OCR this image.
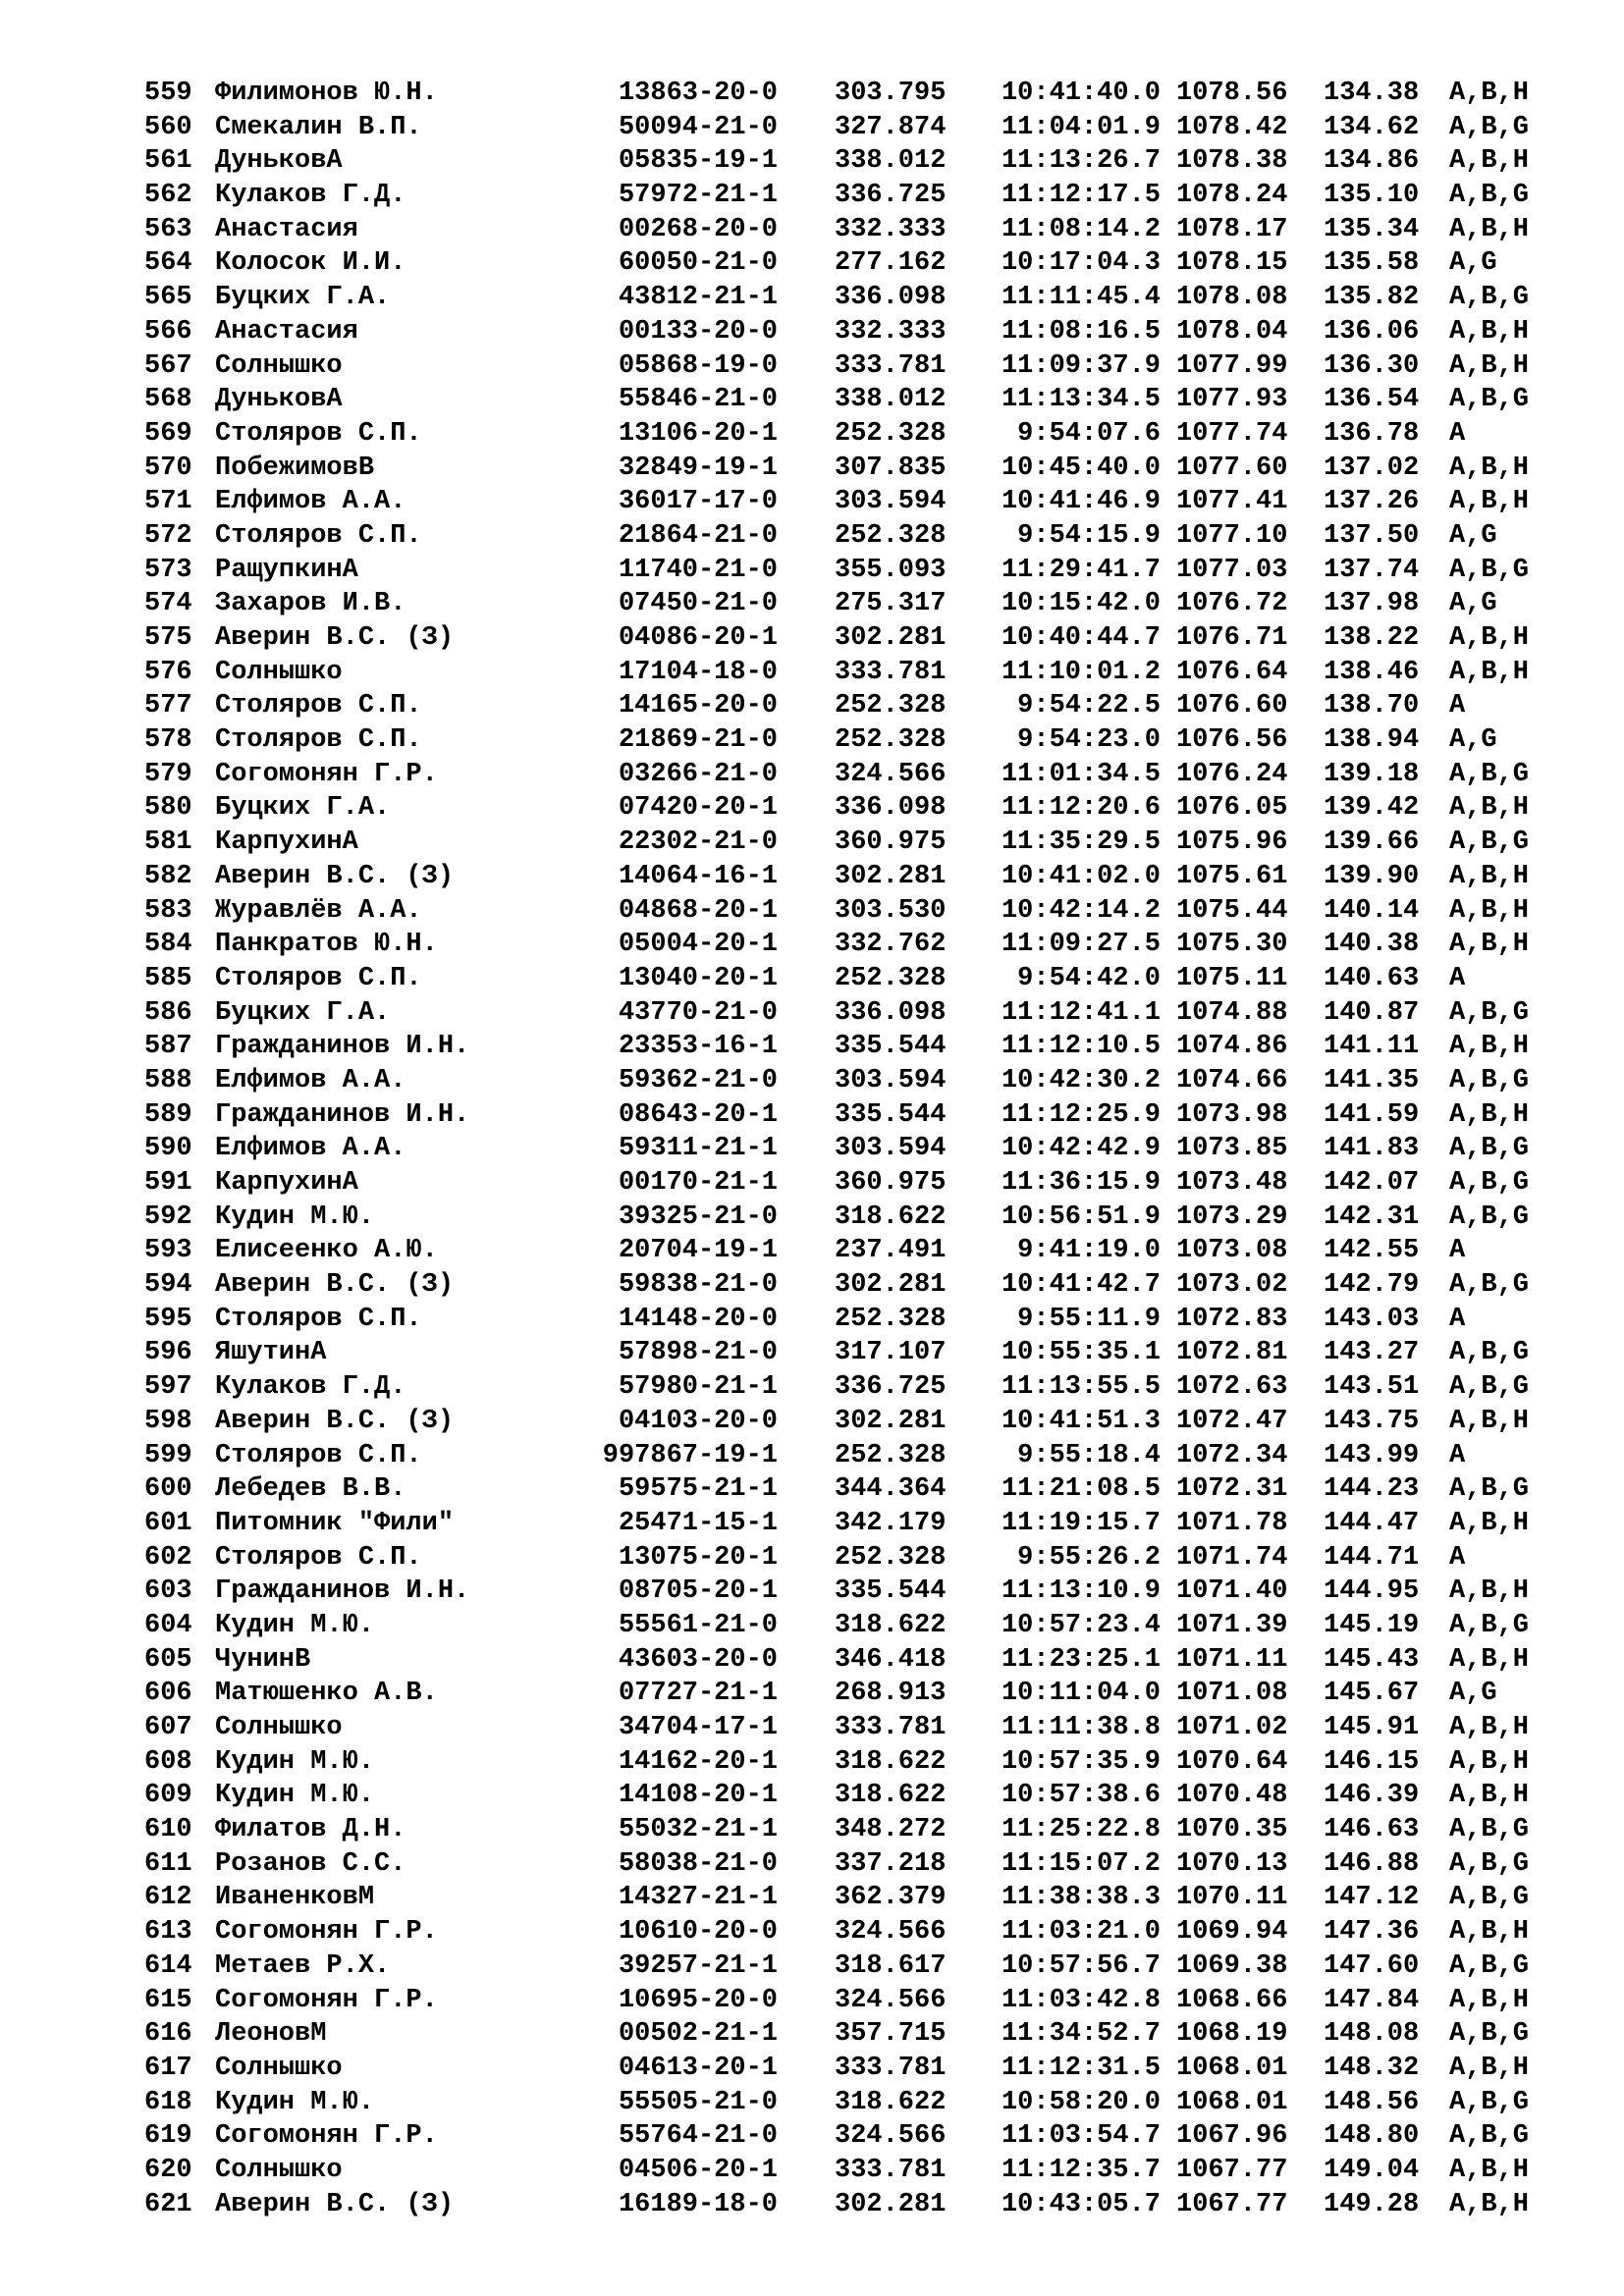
559 Филимонов Ю.Н.	13863-20-0 303.795 10:41:40.0 1078.56 134.38 A,B,H
560 Смекалин В.П.	50094-21-0 327.874 11:04:01.9 1078.42 134.62 A,B,G
561 ДуньковА	05835-19-1 338.012 11:13:26.7 1078.38 134.86 A,B,H
562 Кулаков Г.Д.	57972-21-1 336.725 11:12:17.5 1078.24 135.10 A,B,G
563 Анастасия	00268-20-0 332.333 11:08:14.2 1078.17 135.34 A,B,H
564 Колосок И.И.	60050-21-0 277.162 10:17:04.3 1078.15 135.58 A,G
565 Буцких Г.А.	43812-21-1 336.098 11:11:45.4 1078.08 135.82 A,B,G
566 Анастасия	00133-20-0 332.333 11:08:16.5 1078.04 136.06 A,B,H
567 Солнышко	05868-19-0 333.781 11:09:37.9 1077.99 136.30 A,B,H
568 ДуньковА	55846-21-0 338.012 11:13:34.5 1077.93 136.54 A,B,G
569 Столяров С.П.	13106-20-1 252.328	9:54:07.6 1077.74 136.78 A
570 ПобежимовВ	32849-19-1 307.835 10:45:40.0 1077.60 137.02 A,B,H
571 Елфимов А.А.	36017-17-0 303.594 10:41:46.9 1077.41 137.26 A,B,H
572 Столяров С.П.	21864-21-0 252.328	9:54:15.9 1077.10 137.50 A,G
573 РащупкинА	11740-21-0 355.093 11:29:41.7 1077.03 137.74 A,B,G
574 Захаров И.В.	07450-21-0 275.317 10:15:42.0 1076.72 137.98 A,G
575 Аверин В.С. (З)	04086-20-1 302.281 10:40:44.7 1076.71 138.22 A,B,H
576 Солнышко	17104-18-0 333.781 11:10:01.2 1076.64 138.46 A,B,H
577 Столяров С.П.	14165-20-0 252.328	9:54:22.5 1076.60 138.70 A
578 Столяров С.П.	21869-21-0 252.328	9:54:23.0 1076.56 138.94 A,G
579 Согомонян Г.Р.	03266-21-0 324.566 11:01:34.5 1076.24 139.18 A,B,G
580 Буцких Г.А.	07420-20-1 336.098 11:12:20.6 1076.05 139.42 A,B,H
581 КарпухинА	22302-21-0 360.975 11:35:29.5 1075.96 139.66 A,B,G
582 Аверин В.С. (З)	14064-16-1 302.281 10:41:02.0 1075.61 139.90 A,B,H
583 Журавлёв А.А.	04868-20-1 303.530 10:42:14.2 1075.44 140.14 A,B,H
584 Панкратов Ю.Н.	05004-20-1 332.762 11:09:27.5 1075.30 140.38 A,B,H
585 Столяров С.П.	13040-20-1 252.328	9:54:42.0 1075.11 140.63 A
586 Буцких Г.А.	43770-21-0 336.098 11:12:41.1 1074.88 140.87 A,B,G
587 Гражданинов И.Н.	23353-16-1 335.544 11:12:10.5 1074.86 141.11 A,B,H
588 Елфимов А.А.	59362-21-0 303.594 10:42:30.2 1074.66 141.35 A,B,G
589 Гражданинов И.Н.	08643-20-1 335.544 11:12:25.9 1073.98 141.59 A,B,H
590 Елфимов А.А.	59311-21-1 303.594 10:42:42.9 1073.85 141.83 A,B,G
591 КарпухинА	00170-21-1 360.975 11:36:15.9 1073.48 142.07 A,B,G
592 Кудин М.Ю.	39325-21-0 318.622 10:56:51.9 1073.29 142.31 A,B,G
593 Елисеенко А.Ю.	20704-19-1 237.491	9:41:19.0 1073.08 142.55 A
594 Аверин В.С. (З)	59838-21-0 302.281 10:41:42.7 1073.02 142.79 A,B,G
595 Столяров С.П.	14148-20-0 252.328	9:55:11.9 1072.83 143.03 A
596 ЯшутинА	57898-21-0 317.107 10:55:35.1 1072.81 143.27 A,B,G
597 Кулаков Г.Д.	57980-21-1 336.725 11:13:55.5 1072.63 143.51 A,B,G
598 Аверин В.С. (З)	04103-20-0 302.281 10:41:51.3 1072.47 143.75 A,B,H
599 Столяров С.П.	997867-19-1 252.328	9:55:18.4 1072.34 143.99 A
600 Лебедев В.В.	59575-21-1 344.364 11:21:08.5 1072.31 144.23 A,B,G
601 Питомник "Фили"	25471-15-1 342.179 11:19:15.7 1071.78 144.47 A,B,H
602 Столяров С.П.	13075-20-1 252.328	9:55:26.2 1071.74 144.71 A
603 Гражданинов И.Н.	08705-20-1 335.544 11:13:10.9 1071.40 144.95 A,B,H
604 Кудин М.Ю.	55561-21-0 318.622 10:57:23.4 1071.39 145.19 A,B,G
605 ЧунинВ	43603-20-0 346.418 11:23:25.1 1071.11 145.43 A,B,H
606 Матюшенко А.В.	07727-21-1 268.913 10:11:04.0 1071.08 145.67 A,G
607 Солнышко	34704-17-1 333.781 11:11:38.8 1071.02 145.91 A,B,H
608 Кудин М.Ю.	14162-20-1 318.622 10:57:35.9 1070.64 146.15 A,B,H
609 Кудин М.Ю.	14108-20-1 318.622 10:57:38.6 1070.48 146.39 A,B,H
610 Филатов Д.Н.	55032-21-1 348.272 11:25:22.8 1070.35 146.63 A,B,G
611 Розанов С.С.	58038-21-0 337.218 11:15:07.2 1070.13 146.88 A,B,G
612 ИваненковМ	14327-21-1 362.379 11:38:38.3 1070.11 147.12 A,B,G
613 Согомонян Г.Р.	10610-20-0 324.566 11:03:21.0 1069.94 147.36 A,B,H
614 Метаев Р.Х.	39257-21-1 318.617 10:57:56.7 1069.38 147.60 A,B,G
615 Согомонян Г.Р.	10695-20-0 324.566 11:03:42.8 1068.66 147.84 A,B,H
616 ЛеоновМ	00502-21-1 357.715 11:34:52.7 1068.19 148.08 A,B,G
617 Солнышко	04613-20-1 333.781 11:12:31.5 1068.01 148.32 A,B,H
618 Кудин М.Ю.	55505-21-0 318.622 10:58:20.0 1068.01 148.56 A,B,G
619 Согомонян Г.Р.	55764-21-0 324.566 11:03:54.7 1067.96 148.80 A,B,G
620 Солнышко	04506-20-1 333.781 11:12:35.7 1067.77 149.04 A,B,H
621 Аверин В.С. (З)	16189-18-0 302.281 10:43:05.7 1067.77 149.28 A,B,H
